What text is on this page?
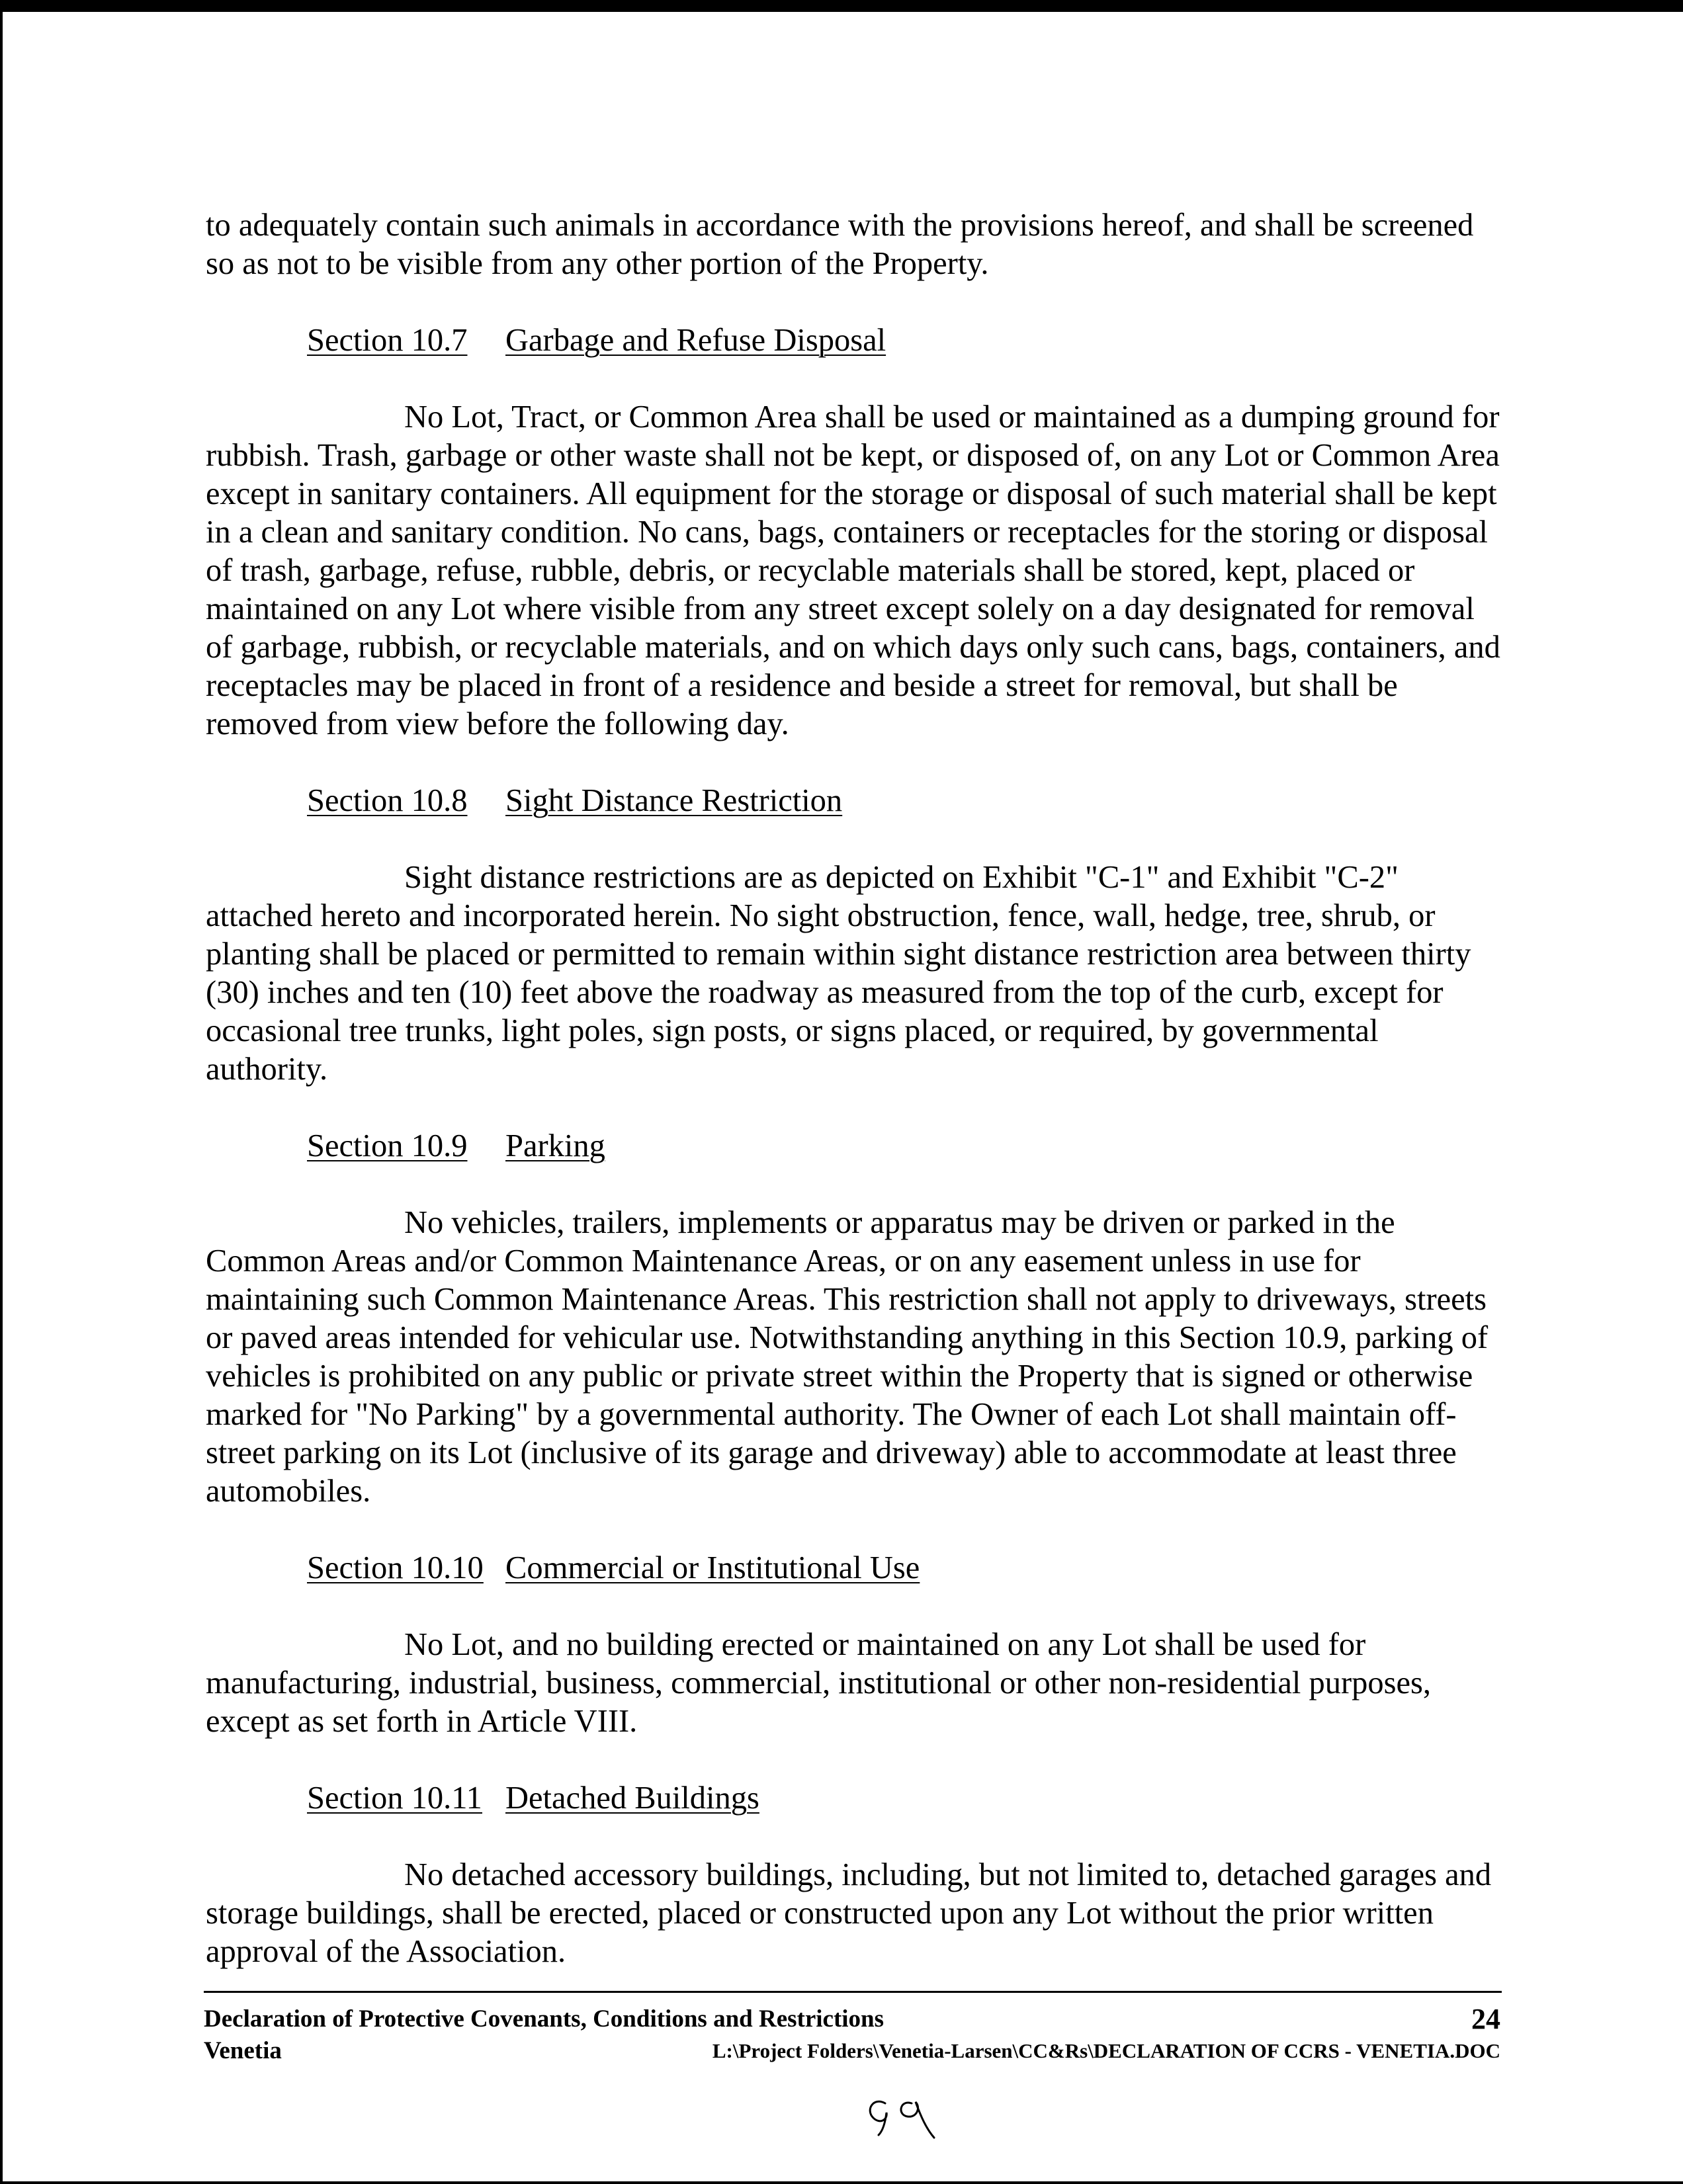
to adequately contain such animals in accordance with the provisions hereof, and shall be screened so as not to be visible from any other portion of the Property.

Section 10.7 Garbage and Refuse Disposal

No Lot, Tract, or Common Area shall be used or maintained as a dumping ground for rubbish. Trash, garbage or other waste shall not be kept, or disposed of, on any Lot or Common Area except in sanitary containers. All equipment for the storage or disposal of such material shall be kept in a clean and sanitary condition. No cans, bags, containers or receptacles for the storing or disposal of trash, garbage, refuse, rubble, debris, or recyclable materials shall be stored, kept, placed or maintained on any Lot where visible from any street except solely on a day designated for removal of garbage, rubbish, or recyclable materials, and on which days only such cans, bags, containers, and receptacles may be placed in front of a residence and beside a street for removal, but shall be removed from view before the following day.

Section 10.8 Sight Distance Restriction

Sight distance restrictions are as depicted on Exhibit "C-1" and Exhibit "C-2" attached hereto and incorporated herein. No sight obstruction, fence, wall, hedge, tree, shrub, or planting shall be placed or permitted to remain within sight distance restriction area between thirty (30) inches and ten (10) feet above the roadway as measured from the top of the curb, except for occasional tree trunks, light poles, sign posts, or signs placed, or required, by governmental authority.

Section 10.9 Parking

No vehicles, trailers, implements or apparatus may be driven or parked in the Common Areas and/or Common Maintenance Areas, or on any easement unless in use for maintaining such Common Maintenance Areas. This restriction shall not apply to driveways, streets or paved areas intended for vehicular use. Notwithstanding anything in this Section 10.9, parking of vehicles is prohibited on any public or private street within the Property that is signed or otherwise marked for "No Parking" by a governmental authority. The Owner of each Lot shall maintain off-street parking on its Lot (inclusive of its garage and driveway) able to accommodate at least three automobiles.

Section 10.10 Commercial or Institutional Use

No Lot, and no building erected or maintained on any Lot shall be used for manufacturing, industrial, business, commercial, institutional or other non-residential purposes, except as set forth in Article VIII.

Section 10.11 Detached Buildings

No detached accessory buildings, including, but not limited to, detached garages and storage buildings, shall be erected, placed or constructed upon any Lot without the prior written approval of the Association.

Declaration of Protective Covenants, Conditions and Restrictions	24
Venetia	L:\Project Folders\Venetia-Larsen\CC&Rs\DECLARATION OF CCRS - VENETIA.DOC
